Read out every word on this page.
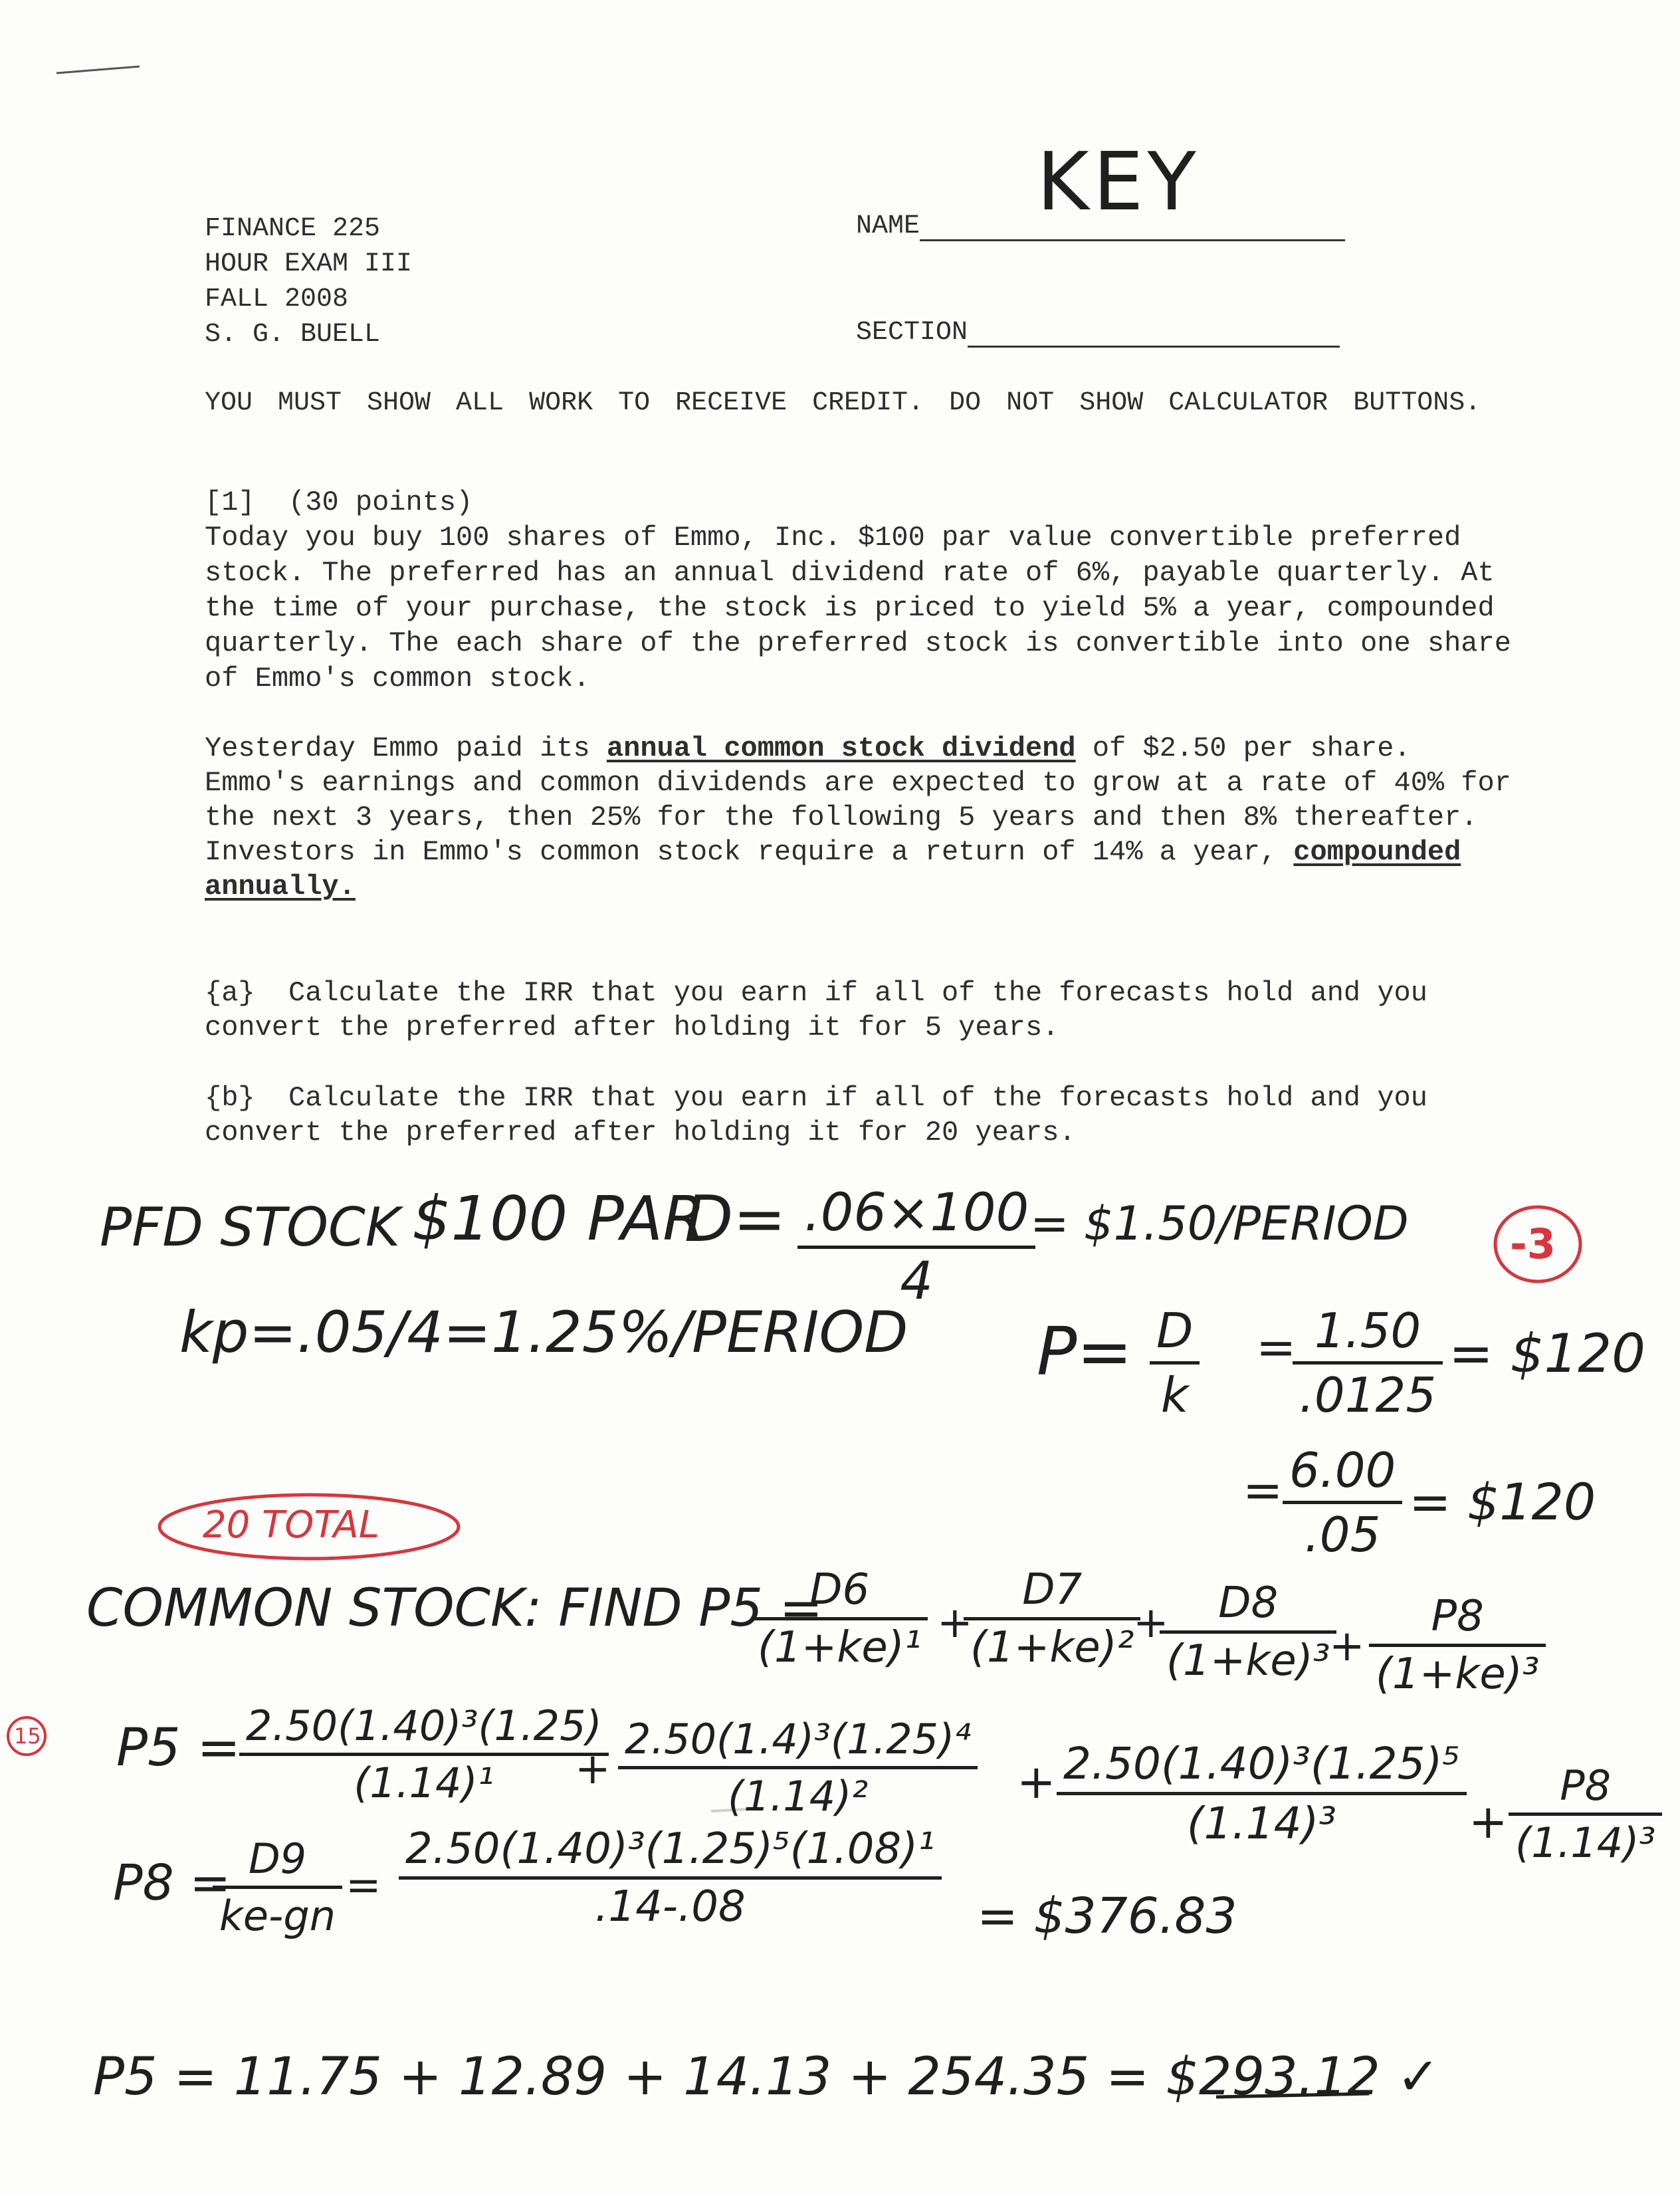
FINANCE 225
HOUR EXAM III
FALL 2008
S. G. BUELL
NAME	KEY
SECTION
YOU MUST SHOW ALL WORK TO RECEIVE CREDIT. DO NOT SHOW CALCULATOR BUTTONS.
[1] (30 points)
Today you buy 100 shares of Emmo, Inc. $100 par value convertible preferred stock. The preferred has an annual dividend rate of 6%, payable quarterly. At the time of your purchase, the stock is priced to yield 5% a year, compounded quarterly. The each share of the preferred stock is convertible into one share of Emmo's common stock.
Yesterday Emmo paid its annual common stock dividend of $2.50 per share. Emmo's earnings and common dividends are expected to grow at a rate of 40% for the next 3 years, then 25% for the following 5 years and then 8% thereafter. Investors in Emmo's common stock require a return of 14% a year, compounded annually.
{a} Calculate the IRR that you earn if all of the forecasts hold and you convert the preferred after holding it for 5 years.
{b} Calculate the IRR that you earn if all of the forecasts hold and you convert the preferred after holding it for 20 years.
PFD STOCK $100 PAR
$D= \frac{.06\times 100}{4}$
= $1.50/PERIOD -3
kp=.05/4=1.25%/PERIOD $P= \frac{D}{k}$ =
$\frac{1.50}{.0125}$ = $120
= $\frac{6.00}{.05}$ = $120
20 TOTAL
COMMON STOCK: FIND P5 =
$\frac{D6}{\text{(1+ke)¹}}$ +
$\frac{D7}{\text{(1+ke)²}}$
+
$\frac{D8}{\text{(1+ke)³}}$
+ $\frac{P8}{\text{(1+ke)³}}$
P5 =
$\frac{\text{2.50(1.40)³(1.25)}}{\text{(1.14)¹}}$
+ $\frac{\text{2.50(1.4)³(1.25)⁴}}{\text{(1.14)²}} + \frac{\text{2.50(1.40)³(1.25)⁵}}{\text{(1.14)³}} + \frac{P8}{\text{(1.14)³}}$
15
P8 =
$\frac{D9}{ke-gn} = \frac{\text{2.50(1.40)³(1.25)⁵(1.08)¹}}{.14-.08}$ = $376.83
P5 = 11.75 + 12.89 + 14.13 + 254.35 = $293.12 ✓
